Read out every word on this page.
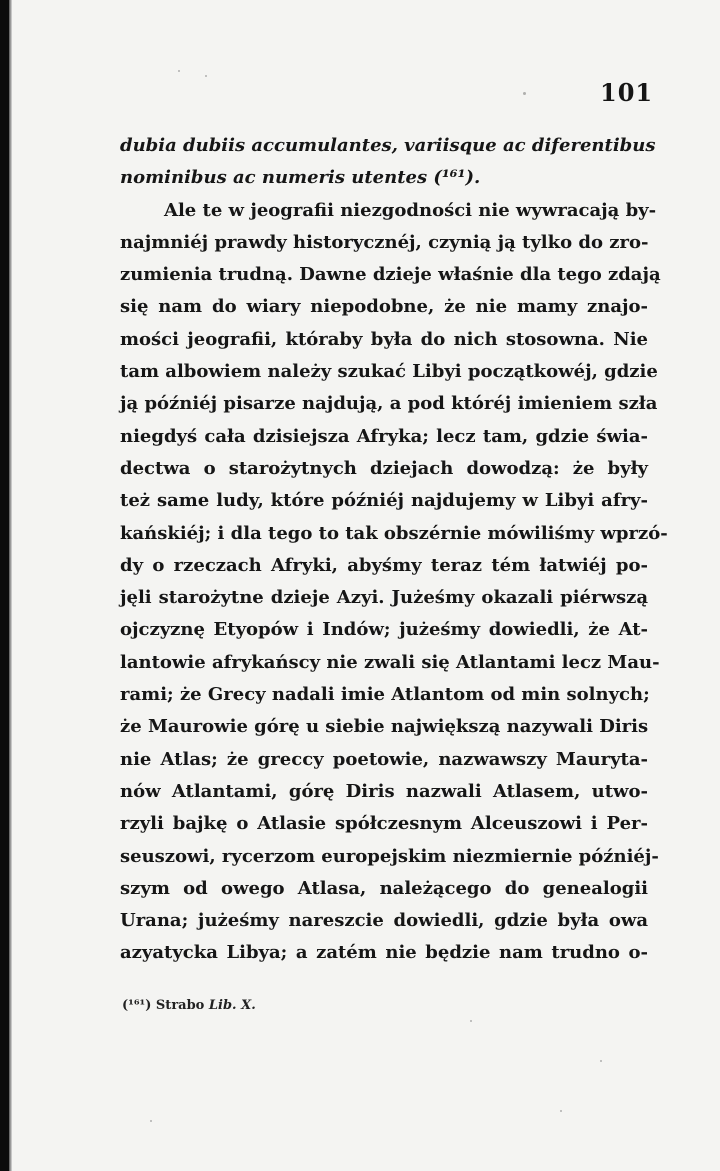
101
dubia dubiis accumulantes, variisque ac diferentibus
nominibus ac numeris utentes (¹⁶¹).
Ale te w jeografii niezgodności nie wywracają by-
najmniéj prawdy historycznéj, czynią ją tylko do zro-
zumienia trudną. Dawne dzieje właśnie dla tego zdają
się nam do wiary niepodobne, że nie mamy znajo-
mości jeografii, któraby była do nich stosowna. Nie
tam albowiem należy szukać Libyi początkowéj, gdzie
ją późniéj pisarze najdują, a pod któréj imieniem szła
niegdyś cała dzisiejsza Afryka; lecz tam, gdzie świa-
dectwa o starożytnych dziejach dowodzą: że były
też same ludy, które późniéj najdujemy w Libyi afry-
kańskiéj; i dla tego to tak obszérnie mówiliśmy wprzó-
dy o rzeczach Afryki, abyśmy teraz tém łatwiéj po-
jęli starożytne dzieje Azyi. Jużeśmy okazali piérwszą
ojczyznę Etyopów i Indów; jużeśmy dowiedli, że At-
lantowie afrykańscy nie zwali się Atlantami lecz Mau-
rami; że Grecy nadali imie Atlantom od min solnych;
że Maurowie górę u siebie największą nazywali Diris
nie Atlas; że greccy poetowie, nazwawszy Maur‌yta-
nów Atlantami, górę Diris nazwali Atlasem, utwo-
rzyli bajkę o Atlasie spółczesnym Alceuszowi i Per-
seuszowi, rycerzom europejskim niezmiernie późniéj-
szym od owego Atlasa, należącego do genealogii
Urana; jużeśmy nareszcie dowiedli, gdzie była owa
azyatycka Libya; a zatém nie będzie nam trudno o-
(¹⁶¹) Strabo Lib. X.
